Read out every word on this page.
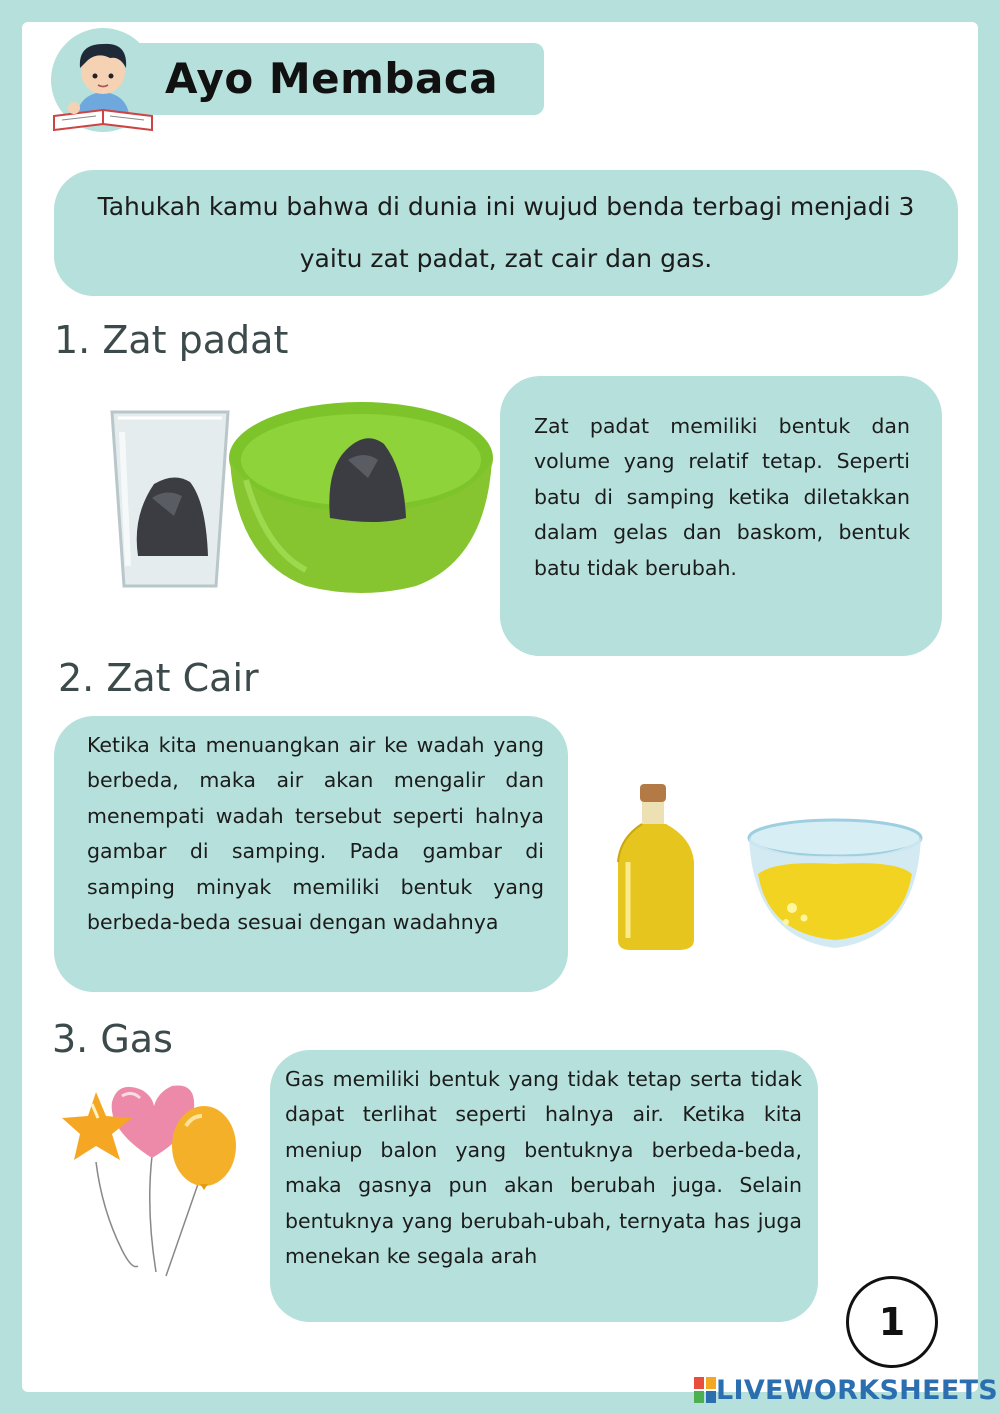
Ayo Membaca
Tahukah kamu bahwa di dunia ini wujud benda terbagi menjadi 3 yaitu zat padat, zat cair dan gas.
1. Zat padat
Zat padat memiliki bentuk dan volume yang relatif tetap. Seperti batu di samping ketika diletakkan dalam gelas dan baskom, bentuk batu tidak berubah.
2. Zat Cair
Ketika kita menuangkan air ke wadah yang berbeda, maka air akan mengalir dan menempati wadah tersebut seperti halnya gambar di samping. Pada gambar di samping minyak memiliki bentuk yang berbeda-beda sesuai dengan wadahnya
3. Gas
Gas memiliki bentuk yang tidak tetap serta tidak dapat terlihat seperti halnya air. Ketika kita meniup balon yang bentuknya berbeda-beda, maka gasnya pun akan berubah juga. Selain bentuknya yang berubah-ubah, ternyata has juga menekan ke segala arah
1
LIVEWORKSHEETS
